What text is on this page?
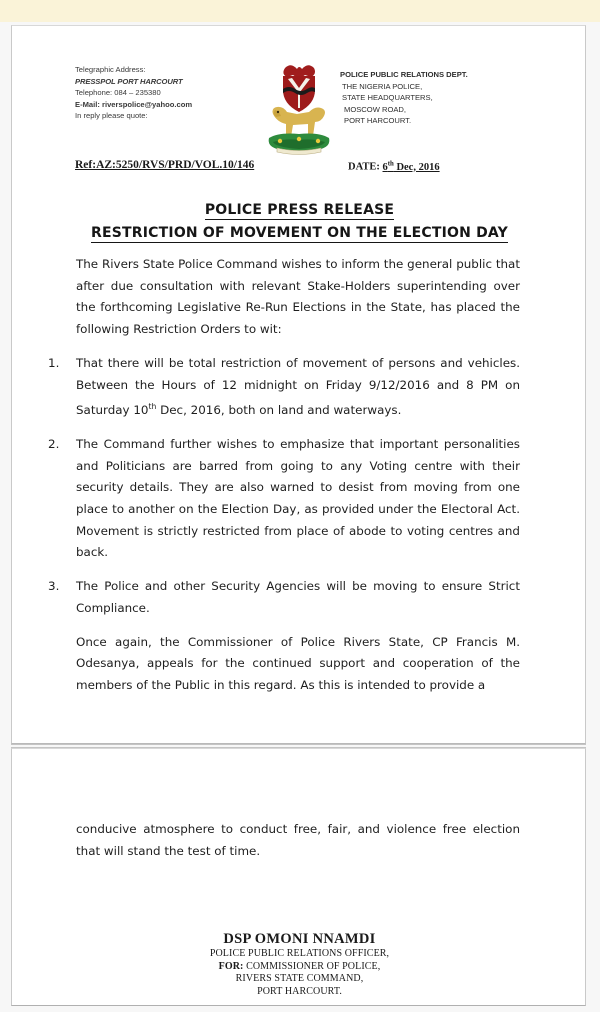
Telegraphic Address:
PRESSPOL PORT HARCOURT
Telephone: 084 – 235380
E-Mail: riverspolice@yahoo.com
In reply please quote:
POLICE PUBLIC RELATIONS DEPT.
THE NIGERIA POLICE,
STATE HEADQUARTERS,
MOSCOW ROAD,
PORT HARCOURT.
Ref:AZ:5250/RVS/PRD/VOL.10/146	DATE: 6th Dec, 2016
POLICE PRESS RELEASE
RESTRICTION OF MOVEMENT ON THE ELECTION DAY

The Rivers State Police Command wishes to inform the general public that after due consultation with relevant Stake-Holders superintending over the forthcoming Legislative Re-Run Elections in the State, has placed the following Restriction Orders to wit:

1.	That there will be total restriction of movement of persons and vehicles. Between the Hours of 12 midnight on Friday 9/12/2016 and 8 PM on Saturday 10th Dec, 2016, both on land and waterways.
2.	The Command further wishes to emphasize that important personalities and Politicians are barred from going to any Voting centre with their security details. They are also warned to desist from moving from one place to another on the Election Day, as provided under the Electoral Act. Movement is strictly restricted from place of abode to voting centres and back.
3.	The Police and other Security Agencies will be moving to ensure Strict Compliance.

Once again, the Commissioner of Police Rivers State, CP Francis M. Odesanya, appeals for the continued support and cooperation of the members of the Public in this regard. As this is intended to provide a

conducive atmosphere to conduct free, fair, and violence free election that will stand the test of time.

DSP OMONI NNAMDI
POLICE PUBLIC RELATIONS OFFICER,
FOR: COMMISSIONER OF POLICE,
RIVERS STATE COMMAND,
PORT HARCOURT.
